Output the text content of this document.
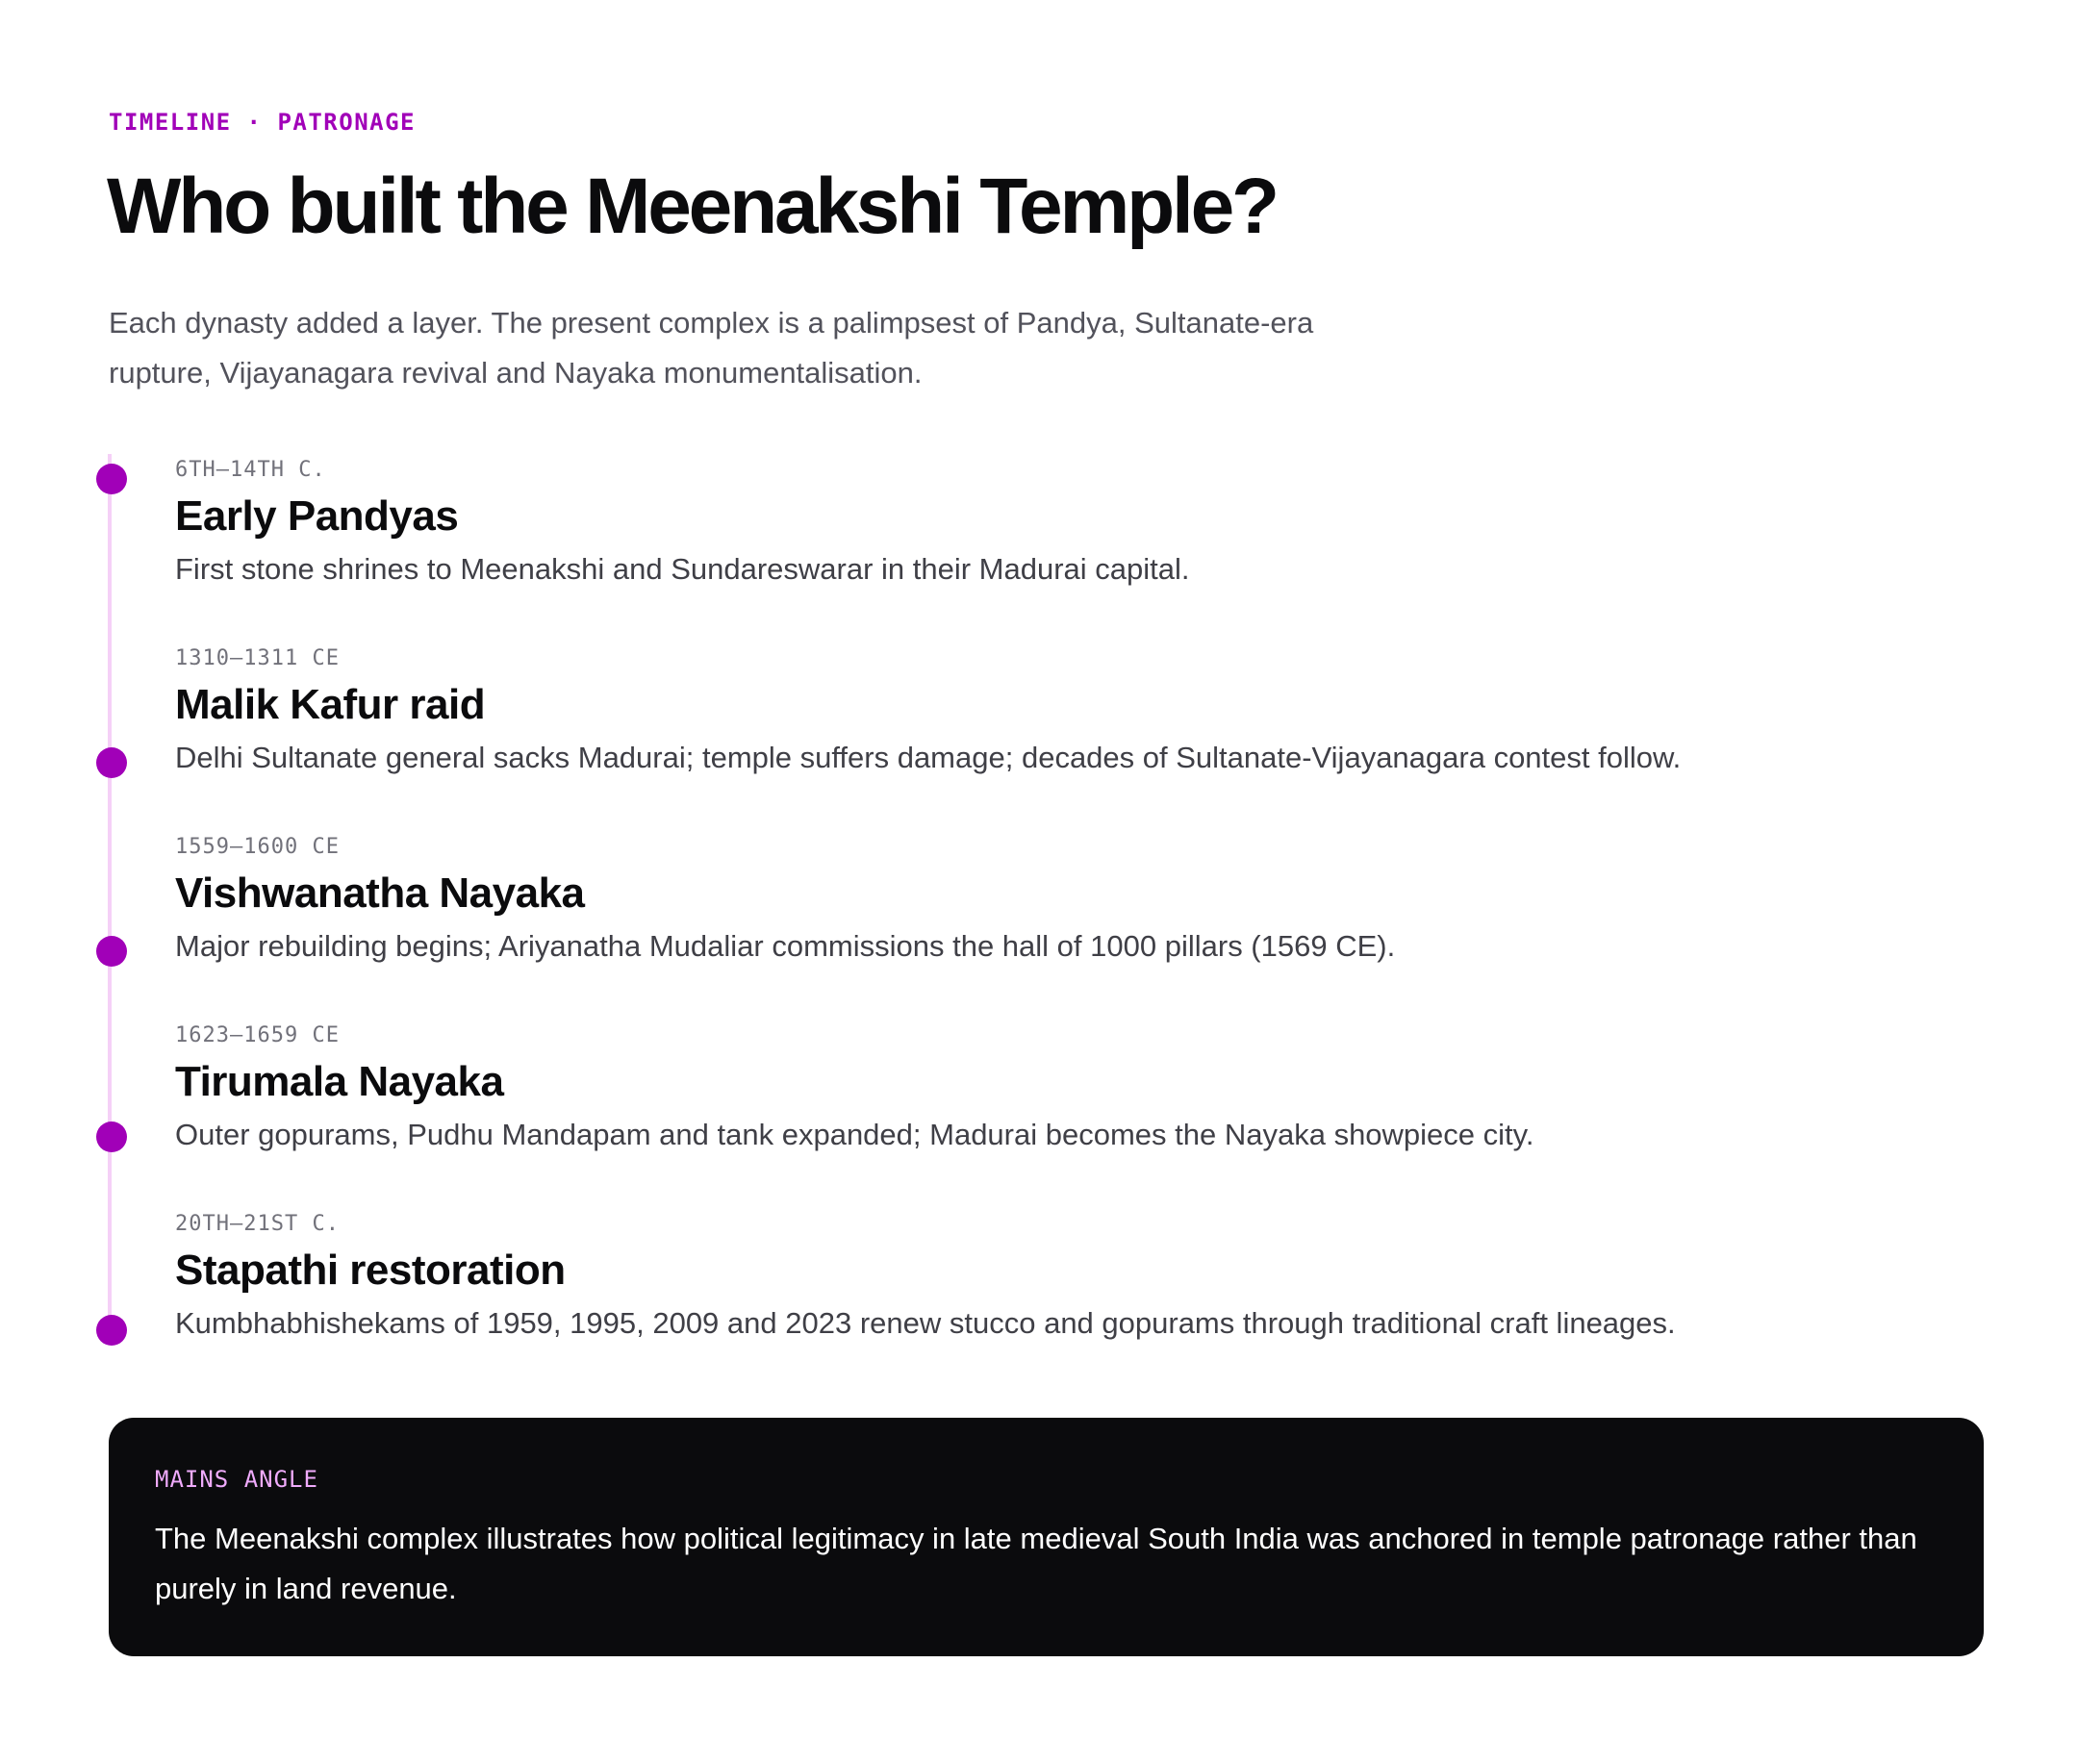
TIMELINE · PATRONAGE
Who built the Meenakshi Temple?

Each dynasty added a layer. The present complex is a palimpsest of Pandya, Sultanate-era rupture, Vijayanagara revival and Nayaka monumentalisation.

6TH–14TH C.
Early Pandyas
First stone shrines to Meenakshi and Sundareswarar in their Madurai capital.
1310–1311 CE
Malik Kafur raid
Delhi Sultanate general sacks Madurai; temple suffers damage; decades of Sultanate-Vijayanagara contest follow.
1559–1600 CE
Vishwanatha Nayaka
Major rebuilding begins; Ariyanatha Mudaliar commissions the hall of 1000 pillars (1569 CE).
1623–1659 CE
Tirumala Nayaka
Outer gopurams, Pudhu Mandapam and tank expanded; Madurai becomes the Nayaka showpiece city.
20TH–21ST C.
Stapathi restoration
Kumbhabhishekams of 1959, 1995, 2009 and 2023 renew stucco and gopurams through traditional craft lineages.
MAINS ANGLE

The Meenakshi complex illustrates how political legitimacy in late medieval South India was anchored in temple patronage rather than purely in land revenue.
